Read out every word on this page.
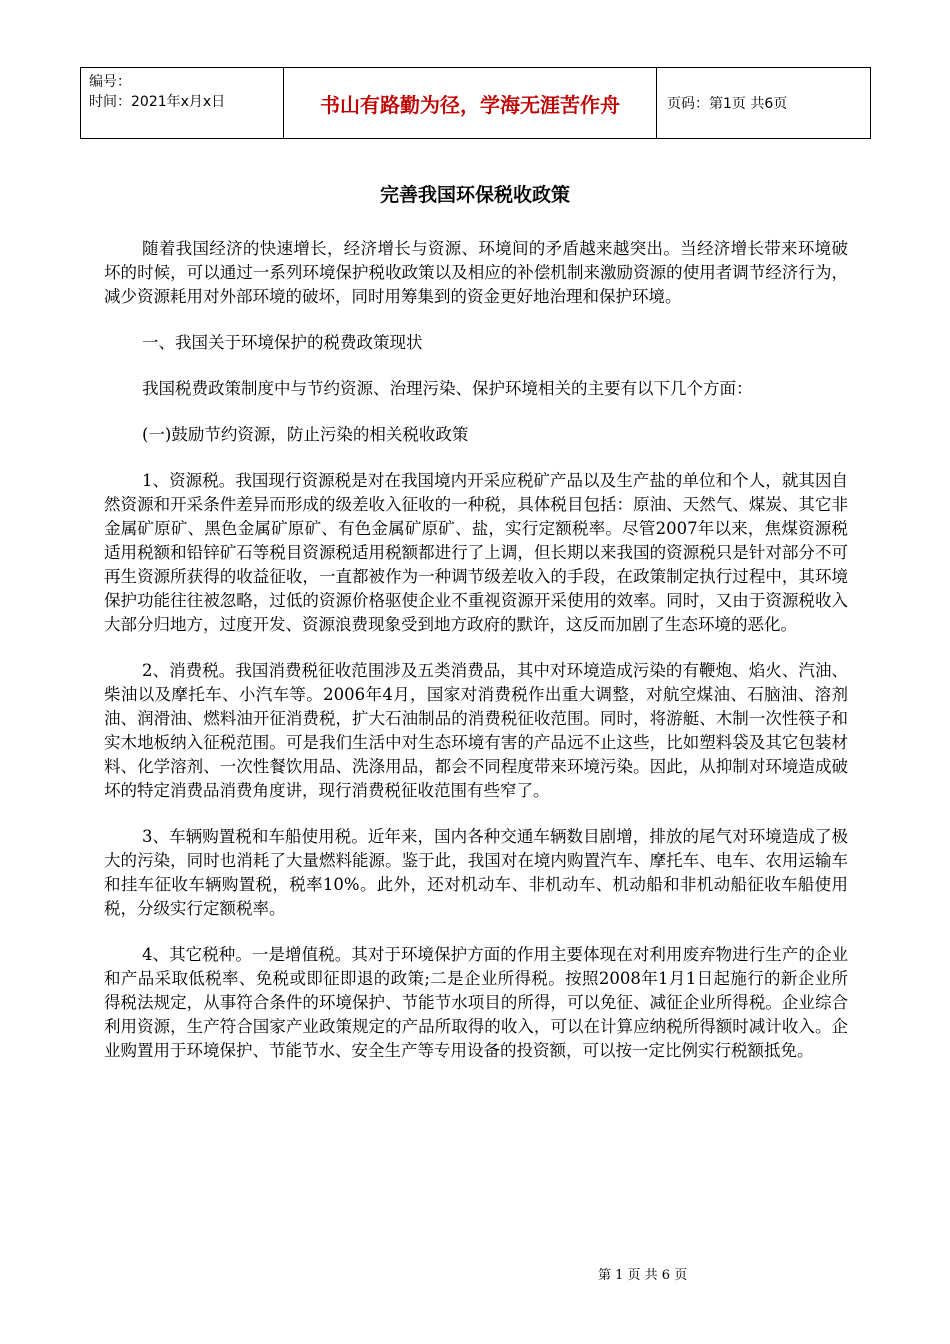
编号：
时间：2021年x月x日	书山有路勤为径，学海无涯苦作舟	页码：第1页 共6页
完善我国环保税收政策

随着我国经济的快速增长，经济增长与资源、环境间的矛盾越来越突出。当经济增长带来环境破坏的时候，可以通过一系列环境保护税收政策以及相应的补偿机制来激励资源的使用者调节经济行为，减少资源耗用对外部环境的破坏，同时用筹集到的资金更好地治理和保护环境。

一、我国关于环境保护的税费政策现状

我国税费政策制度中与节约资源、治理污染、保护环境相关的主要有以下几个方面：

(一)鼓励节约资源，防止污染的相关税收政策

1、资源税。我国现行资源税是对在我国境内开采应税矿产品以及生产盐的单位和个人，就其因自然资源和开采条件差异而形成的级差收入征收的一种税，具体税目包括：原油、天然气、煤炭、其它非金属矿原矿、黑色金属矿原矿、有色金属矿原矿、盐，实行定额税率。尽管2007年以来，焦煤资源税适用税额和铅锌矿石等税目资源税适用税额都进行了上调，但长期以来我国的资源税只是针对部分不可再生资源所获得的收益征收，一直都被作为一种调节级差收入的手段，在政策制定执行过程中，其环境保护功能往往被忽略，过低的资源价格驱使企业不重视资源开采使用的效率。同时，又由于资源税收入大部分归地方，过度开发、资源浪费现象受到地方政府的默许，这反而加剧了生态环境的恶化。

2、消费税。我国消费税征收范围涉及五类消费品，其中对环境造成污染的有鞭炮、焰火、汽油、柴油以及摩托车、小汽车等。2006年4月，国家对消费税作出重大调整，对航空煤油、石脑油、溶剂油、润滑油、燃料油开征消费税，扩大石油制品的消费税征收范围。同时，将游艇、木制一次性筷子和实木地板纳入征税范围。可是我们生活中对生态环境有害的产品远不止这些，比如塑料袋及其它包装材料、化学溶剂、一次性餐饮用品、洗涤用品，都会不同程度带来环境污染。因此，从抑制对环境造成破坏的特定消费品消费角度讲，现行消费税征收范围有些窄了。

3、车辆购置税和车船使用税。近年来，国内各种交通车辆数目剧增，排放的尾气对环境造成了极大的污染，同时也消耗了大量燃料能源。鉴于此，我国对在境内购置汽车、摩托车、电车、农用运输车和挂车征收车辆购置税，税率10%。此外，还对机动车、非机动车、机动船和非机动船征收车船使用税，分级实行定额税率。

4、其它税种。一是增值税。其对于环境保护方面的作用主要体现在对利用废弃物进行生产的企业和产品采取低税率、免税或即征即退的政策;二是企业所得税。按照2008年1月1日起施行的新企业所得税法规定，从事符合条件的环境保护、节能节水项目的所得，可以免征、减征企业所得税。企业综合利用资源，生产符合国家产业政策规定的产品所取得的收入，可以在计算应纳税所得额时减计收入。企业购置用于环境保护、节能节水、安全生产等专用设备的投资额，可以按一定比例实行税额抵免。

第 1 页 共 6 页
